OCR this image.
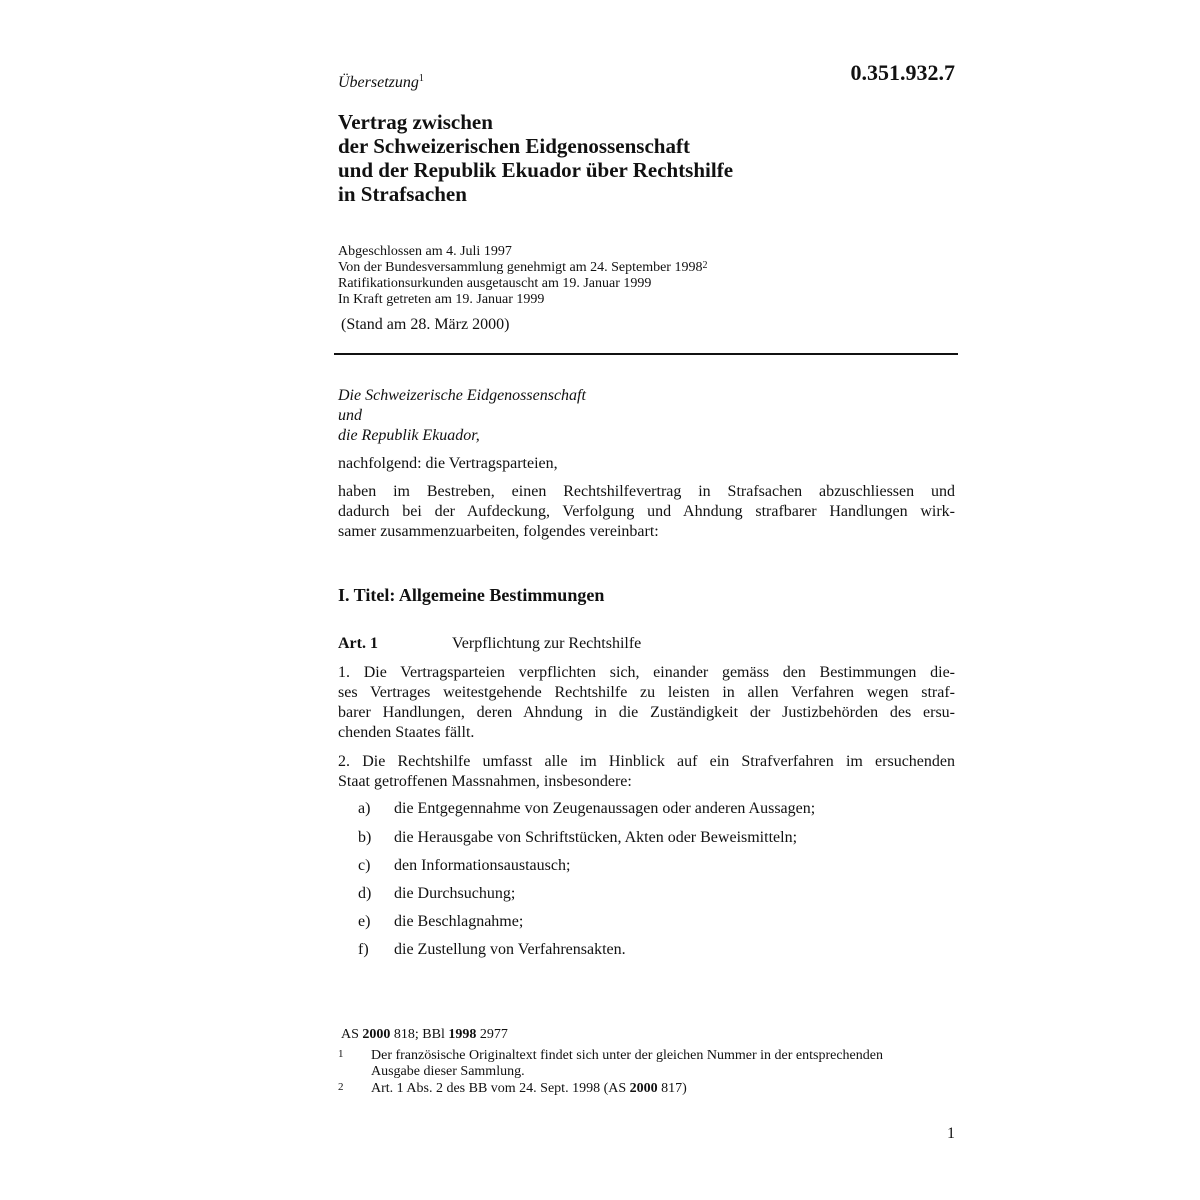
Übersetzung$^1$	0.351.932.7
Vertrag zwischen
der Schweizerischen Eidgenossenschaft
und der Republik Ekuador über Rechtshilfe
in Strafsachen
Abgeschlossen am 4. Juli 1997
Von der Bundesversammlung genehmigt am 24. September 1998$^2$
Ratifikationsurkunden ausgetauscht am 19. Januar 1999
In Kraft getreten am 19. Januar 1999
(Stand am 28. März 2000)
Die Schweizerische Eidgenossenschaft
und
die Republik Ekuador,
nachfolgend: die Vertragsparteien,
haben im Bestreben, einen Rechtshilfevertrag in Strafsachen abzuschliessen und
dadurch bei der Aufdeckung, Verfolgung und Ahndung strafbarer Handlungen wirk-
samer zusammenzuarbeiten, folgendes vereinbart:
I. Titel: Allgemeine Bestimmungen
Art. 1	Verpflichtung zur Rechtshilfe
1. Die Vertragsparteien verpflichten sich, einander gemäss den Bestimmungen die-
ses Vertrages weitestgehende Rechtshilfe zu leisten in allen Verfahren wegen straf-
barer Handlungen, deren Ahndung in die Zuständigkeit der Justizbehörden des ersu-
chenden Staates fällt.
2. Die Rechtshilfe umfasst alle im Hinblick auf ein Strafverfahren im ersuchenden
Staat getroffenen Massnahmen, insbesondere:
a) die Entgegennahme von Zeugenaussagen oder anderen Aussagen;
b) die Herausgabe von Schriftstücken, Akten oder Beweismitteln;
c) den Informationsaustausch;
d) die Durchsuchung;
e) die Beschlagnahme;
f) die Zustellung von Verfahrensakten.
AS 2000 818; BBl 1998 2977
1 Der französische Originaltext findet sich unter der gleichen Nummer in der entsprechenden Ausgabe dieser Sammlung.
2 Art. 1 Abs. 2 des BB vom 24. Sept. 1998 (AS 2000 817)
1
